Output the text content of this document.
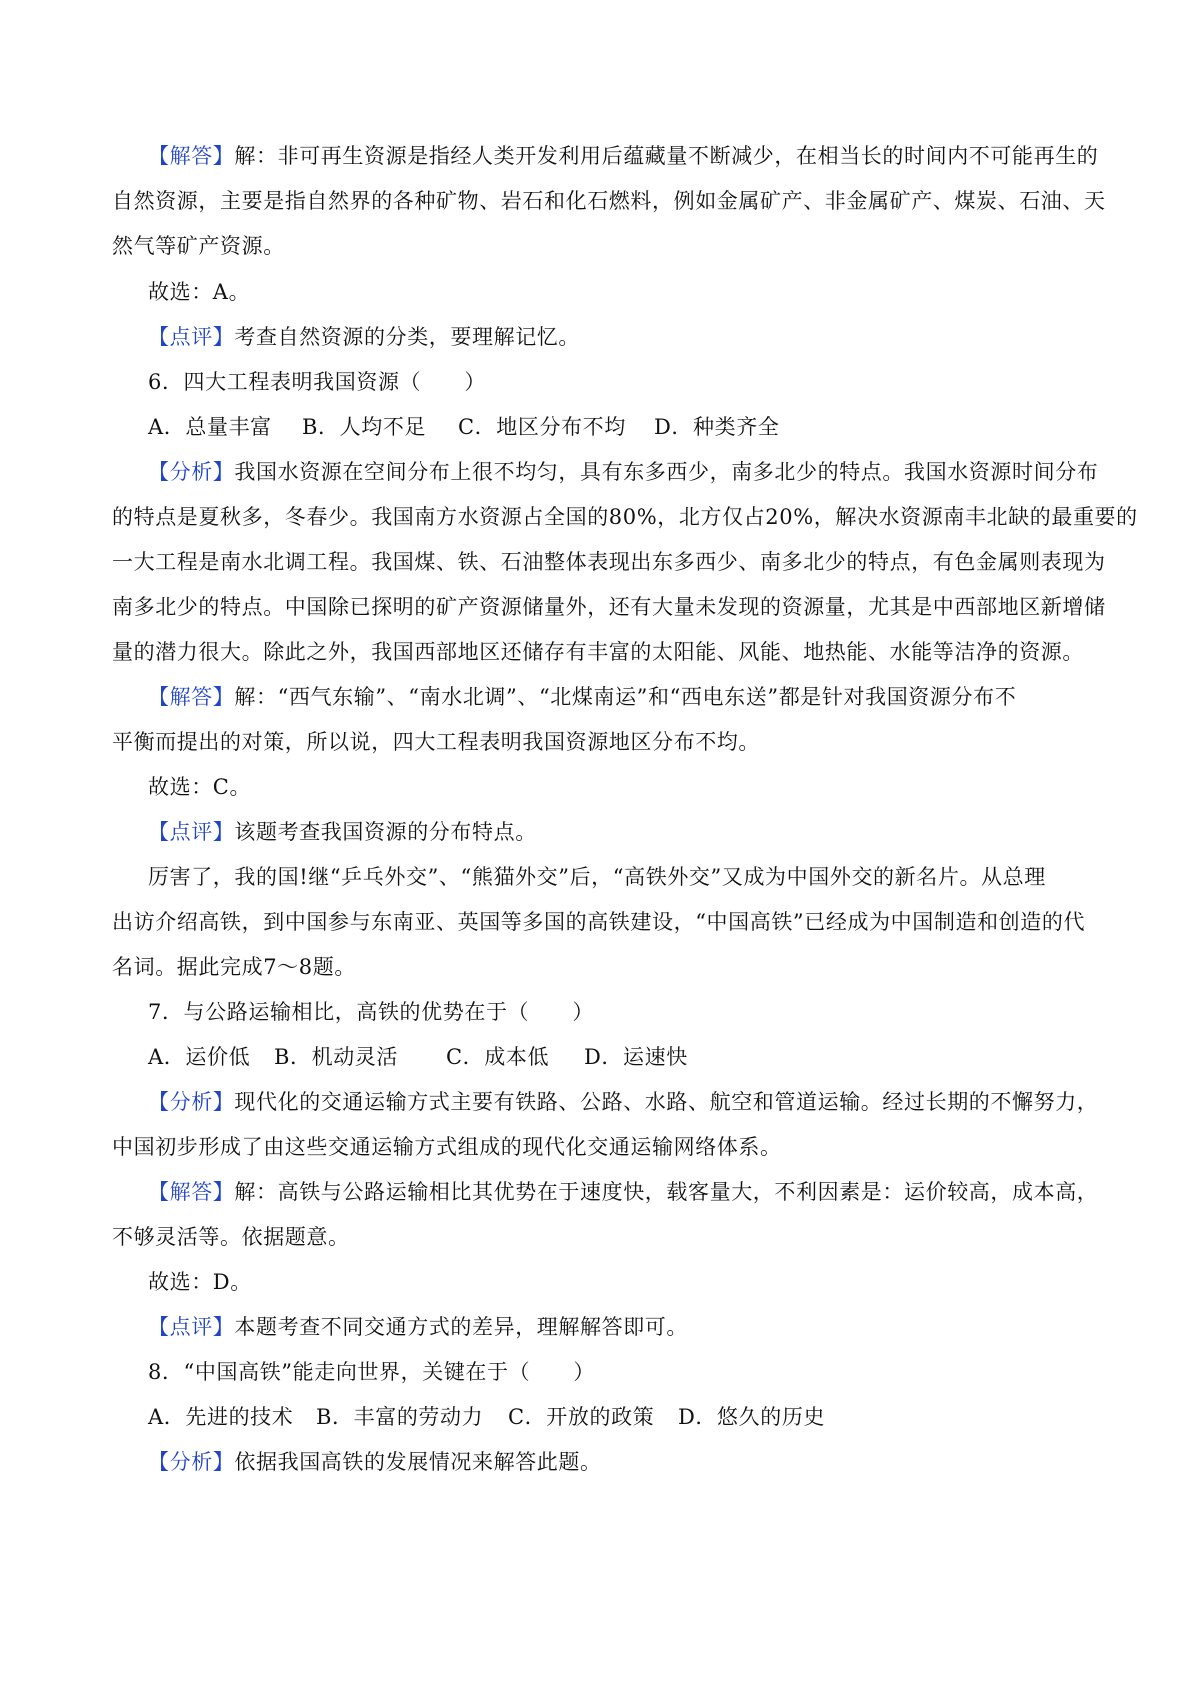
【解答】解：非可再生资源是指经人类开发利用后蕴藏量不断减少，在相当长的时间内不可能再生的
自然资源，主要是指自然界的各种矿物、岩石和化石燃料，例如金属矿产、非金属矿产、煤炭、石油、天
然气等矿产资源。
故选：A。
【点评】考查自然资源的分类，要理解记忆。
6．四大工程表明我国资源（　　）
A．总量丰富 B．人均不足 C．地区分布不均 D．种类齐全
【分析】我国水资源在空间分布上很不均匀，具有东多西少，南多北少的特点。我国水资源时间分布
的特点是夏秋多，冬春少。我国南方水资源占全国的80%，北方仅占20%，解决水资源南丰北缺的最重要的
一大工程是南水北调工程。我国煤、铁、石油整体表现出东多西少、南多北少的特点，有色金属则表现为
南多北少的特点。中国除已探明的矿产资源储量外，还有大量未发现的资源量，尤其是中西部地区新增储
量的潜力很大。除此之外，我国西部地区还储存有丰富的太阳能、风能、地热能、水能等洁净的资源。
【解答】解：“西气东输”、“南水北调”、“北煤南运”和“西电东送”都是针对我国资源分布不
平衡而提出的对策，所以说，四大工程表明我国资源地区分布不均。
故选：C。
【点评】该题考查我国资源的分布特点。
厉害了，我的国!继“乒乓外交”、“熊猫外交”后，“高铁外交”又成为中国外交的新名片。从总理
出访介绍高铁，到中国参与东南亚、英国等多国的高铁建设，“中国高铁”已经成为中国制造和创造的代
名词。据此完成7～8题。
7．与公路运输相比，高铁的优势在于（　　）
A．运价低 B．机动灵活 C．成本低 D．运速快
【分析】现代化的交通运输方式主要有铁路、公路、水路、航空和管道运输。经过长期的不懈努力，
中国初步形成了由这些交通运输方式组成的现代化交通运输网络体系。
【解答】解：高铁与公路运输相比其优势在于速度快，载客量大，不利因素是：运价较高，成本高，
不够灵活等。依据题意。
故选：D。
【点评】本题考查不同交通方式的差异，理解解答即可。
8．“中国高铁”能走向世界，关键在于（　　）
A．先进的技术 B．丰富的劳动力 C．开放的政策 D．悠久的历史
【分析】依据我国高铁的发展情况来解答此题。
